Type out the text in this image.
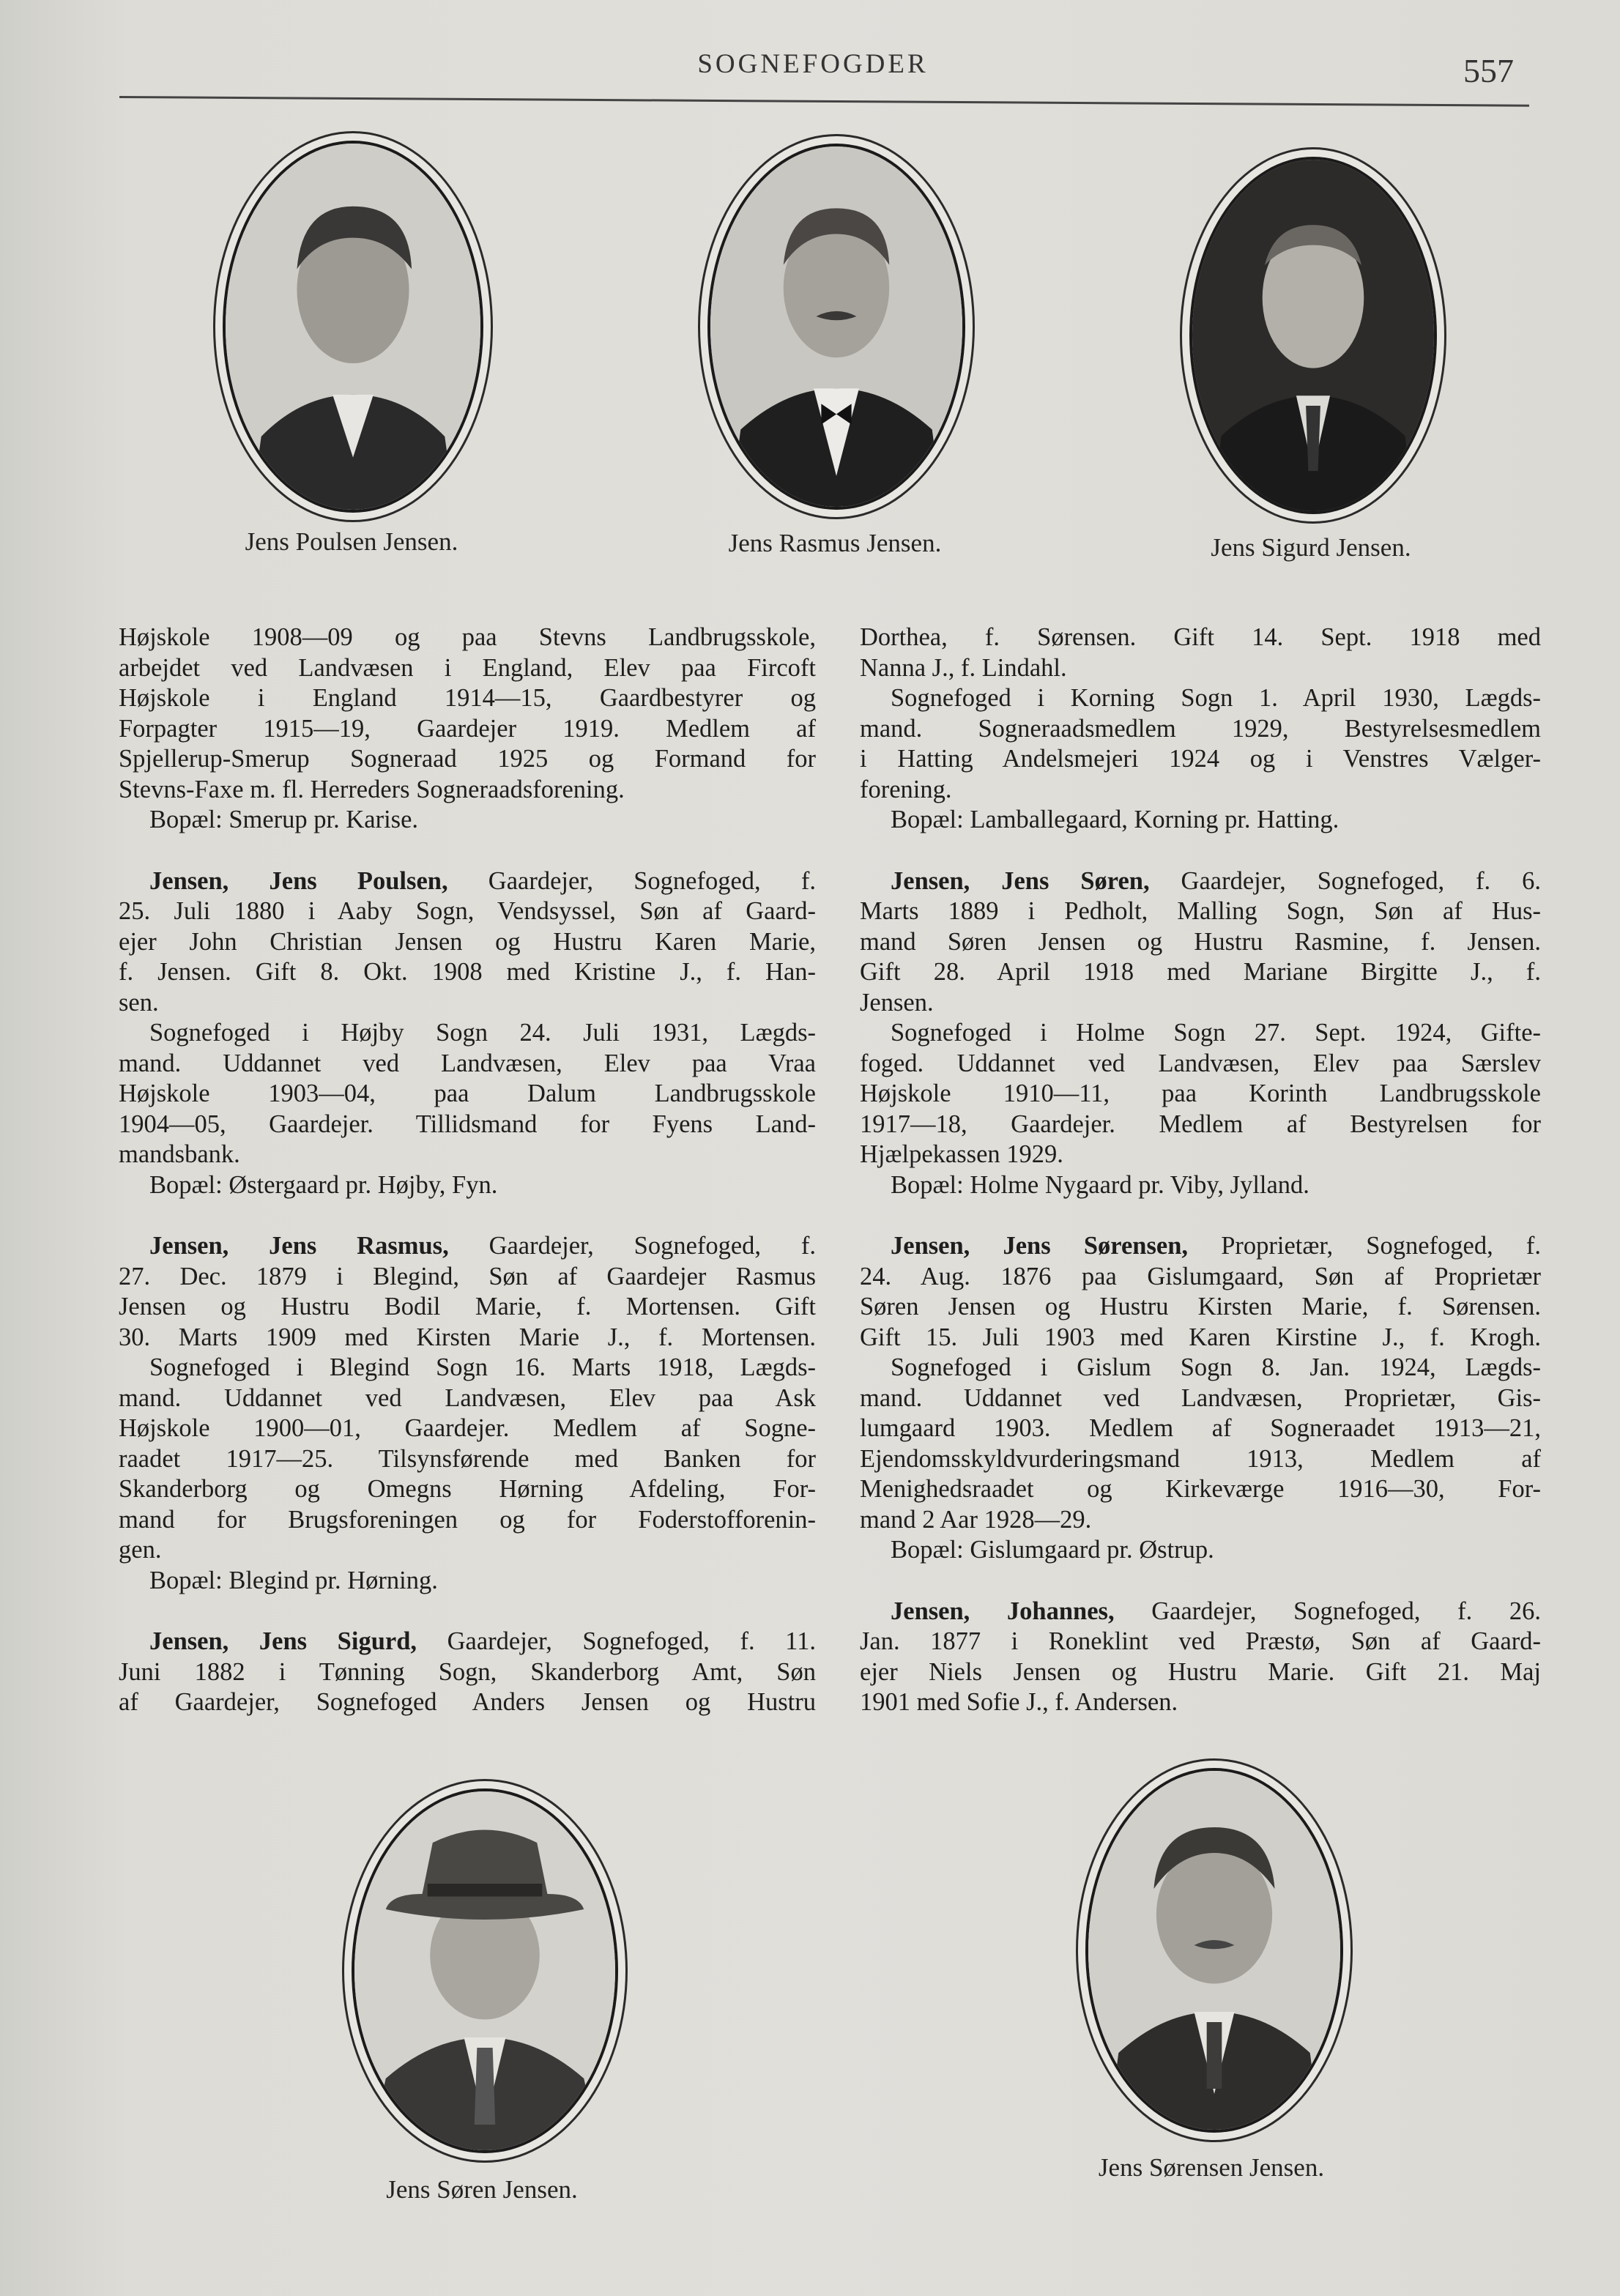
SOGNEFOGDER	557
Jens Poulsen Jensen.	Jens Rasmus Jensen.	Jens Sigurd Jensen.
Højskole 1908—09 og paa Stevns Landbrugsskole,
arbejdet ved Landvæsen i England, Elev paa Fircoft
Højskole i England 1914—15, Gaardbestyrer og
Forpagter 1915—19, Gaardejer 1919. Medlem af
Spjellerup-Smerup Sogneraad 1925 og Formand for
Stevns-Faxe m. fl. Herreders Sogneraadsforening.
Bopæl: Smerup pr. Karise.
Jensen, Jens Poulsen, Gaardejer, Sognefoged, f.
25. Juli 1880 i Aaby Sogn, Vendsyssel, Søn af Gaard-
ejer John Christian Jensen og Hustru Karen Marie,
f. Jensen. Gift 8. Okt. 1908 med Kristine J., f. Han-
sen.
Sognefoged i Højby Sogn 24. Juli 1931, Lægds-
mand. Uddannet ved Landvæsen, Elev paa Vraa
Højskole 1903—04, paa Dalum Landbrugsskole
1904—05, Gaardejer. Tillidsmand for Fyens Land-
mandsbank.
Bopæl: Østergaard pr. Højby, Fyn.
Jensen, Jens Rasmus, Gaardejer, Sognefoged, f.
27. Dec. 1879 i Blegind, Søn af Gaardejer Rasmus
Jensen og Hustru Bodil Marie, f. Mortensen. Gift
30. Marts 1909 med Kirsten Marie J., f. Mortensen.
Sognefoged i Blegind Sogn 16. Marts 1918, Lægds-
mand. Uddannet ved Landvæsen, Elev paa Ask
Højskole 1900—01, Gaardejer. Medlem af Sogne-
raadet 1917—25. Tilsynsførende med Banken for
Skanderborg og Omegns Hørning Afdeling, For-
mand for Brugsforeningen og for Foderstofforenin-
gen.
Bopæl: Blegind pr. Hørning.
Jensen, Jens Sigurd, Gaardejer, Sognefoged, f. 11.
Juni 1882 i Tønning Sogn, Skanderborg Amt, Søn
af Gaardejer, Sognefoged Anders Jensen og Hustru
Dorthea, f. Sørensen. Gift 14. Sept. 1918 med
Nanna J., f. Lindahl.
Sognefoged i Korning Sogn 1. April 1930, Lægds-
mand. Sogneraadsmedlem 1929, Bestyrelsesmedlem
i Hatting Andelsmejeri 1924 og i Venstres Vælger-
forening.
Bopæl: Lamballegaard, Korning pr. Hatting.
Jensen, Jens Søren, Gaardejer, Sognefoged, f. 6.
Marts 1889 i Pedholt, Malling Sogn, Søn af Hus-
mand Søren Jensen og Hustru Rasmine, f. Jensen.
Gift 28. April 1918 med Mariane Birgitte J., f.
Jensen.
Sognefoged i Holme Sogn 27. Sept. 1924, Gifte-
foged. Uddannet ved Landvæsen, Elev paa Særslev
Højskole 1910—11, paa Korinth Landbrugsskole
1917—18, Gaardejer. Medlem af Bestyrelsen for
Hjælpekassen 1929.
Bopæl: Holme Nygaard pr. Viby, Jylland.
Jensen, Jens Sørensen, Proprietær, Sognefoged, f.
24. Aug. 1876 paa Gislumgaard, Søn af Proprietær
Søren Jensen og Hustru Kirsten Marie, f. Sørensen.
Gift 15. Juli 1903 med Karen Kirstine J., f. Krogh.
Sognefoged i Gislum Sogn 8. Jan. 1924, Lægds-
mand. Uddannet ved Landvæsen, Proprietær, Gis-
lumgaard 1903. Medlem af Sogneraadet 1913—21,
Ejendomsskyldvurderingsmand 1913, Medlem af
Menighedsraadet og Kirkeværge 1916—30, For-
mand 2 Aar 1928—29.
Bopæl: Gislumgaard pr. Østrup.
Jensen, Johannes, Gaardejer, Sognefoged, f. 26.
Jan. 1877 i Roneklint ved Præstø, Søn af Gaard-
ejer Niels Jensen og Hustru Marie. Gift 21. Maj
1901 med Sofie J., f. Andersen.
Jens Søren Jensen.
Jens Sørensen Jensen.
